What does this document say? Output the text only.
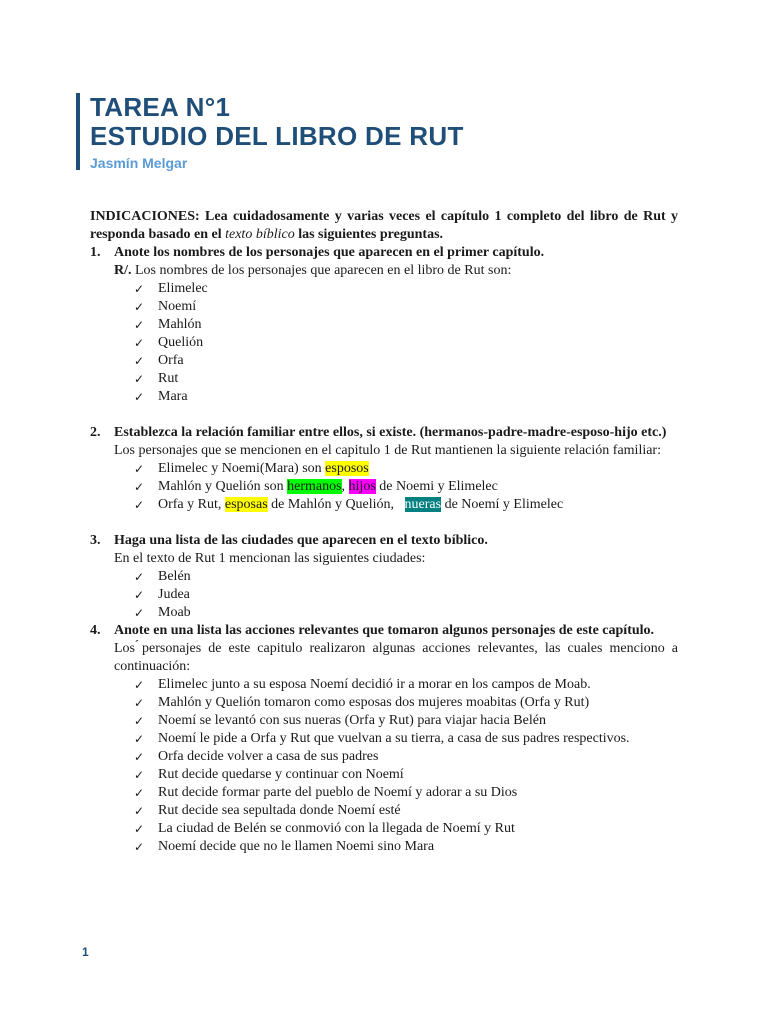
TAREA N°1
ESTUDIO DEL LIBRO DE RUT
Jasmín Melgar
INDICACIONES: Lea cuidadosamente y varias veces el capítulo 1 completo del libro de Rut y responda basado en el texto bíblico las siguientes preguntas.
1. Anote los nombres de los personajes que aparecen en el primer capítulo.
R/. Los nombres de los personajes que aparecen en el libro de Rut son:
✓ Elimelec
✓ Noemí
✓ Mahlón
✓ Quelión
✓ Orfa
✓ Rut
✓ Mara
2. Establezca la relación familiar entre ellos, si existe. (hermanos-padre-madre-esposo-hijo etc.)
Los personajes que se mencionen en el capitulo 1 de Rut mantienen la siguiente relación familiar:
✓ Elimelec y Noemi(Mara) son esposos
✓ Mahlón y Quelión son hermanos, hijos de Noemi y Elimelec
✓ Orfa y Rut, esposas de Mahlón y Quelión,   nueras de Noemí y Elimelec
3. Haga una lista de las ciudades que aparecen en el texto bíblico.
En el texto de Rut 1 mencionan las siguientes ciudades:
✓ Belén
✓ Judea
✓ Moab
4. Anote en una lista las acciones relevantes que tomaron algunos personajes de este capítulo.
Los ́personajes de este capitulo realizaron algunas acciones relevantes, las cuales menciono a continuación:
✓ Elimelec junto a su esposa Noemí decidió ir a morar en los campos de Moab.
✓ Mahlón y Quelión tomaron como esposas dos mujeres moabitas (Orfa y Rut)
✓ Noemí se levantó con sus nueras (Orfa y Rut) para viajar hacia Belén
✓ Noemí le pide a Orfa y Rut que vuelvan a su tierra, a casa de sus padres respectivos.
✓ Orfa decide volver a casa de sus padres
✓ Rut decide quedarse y continuar con Noemí
✓ Rut decide formar parte del pueblo de Noemí y adorar a su Dios
✓ Rut decide sea sepultada donde Noemí esté
✓ La ciudad de Belén se conmovió con la llegada de Noemí y Rut
✓ Noemí decide que no le llamen Noemi sino Mara
1
